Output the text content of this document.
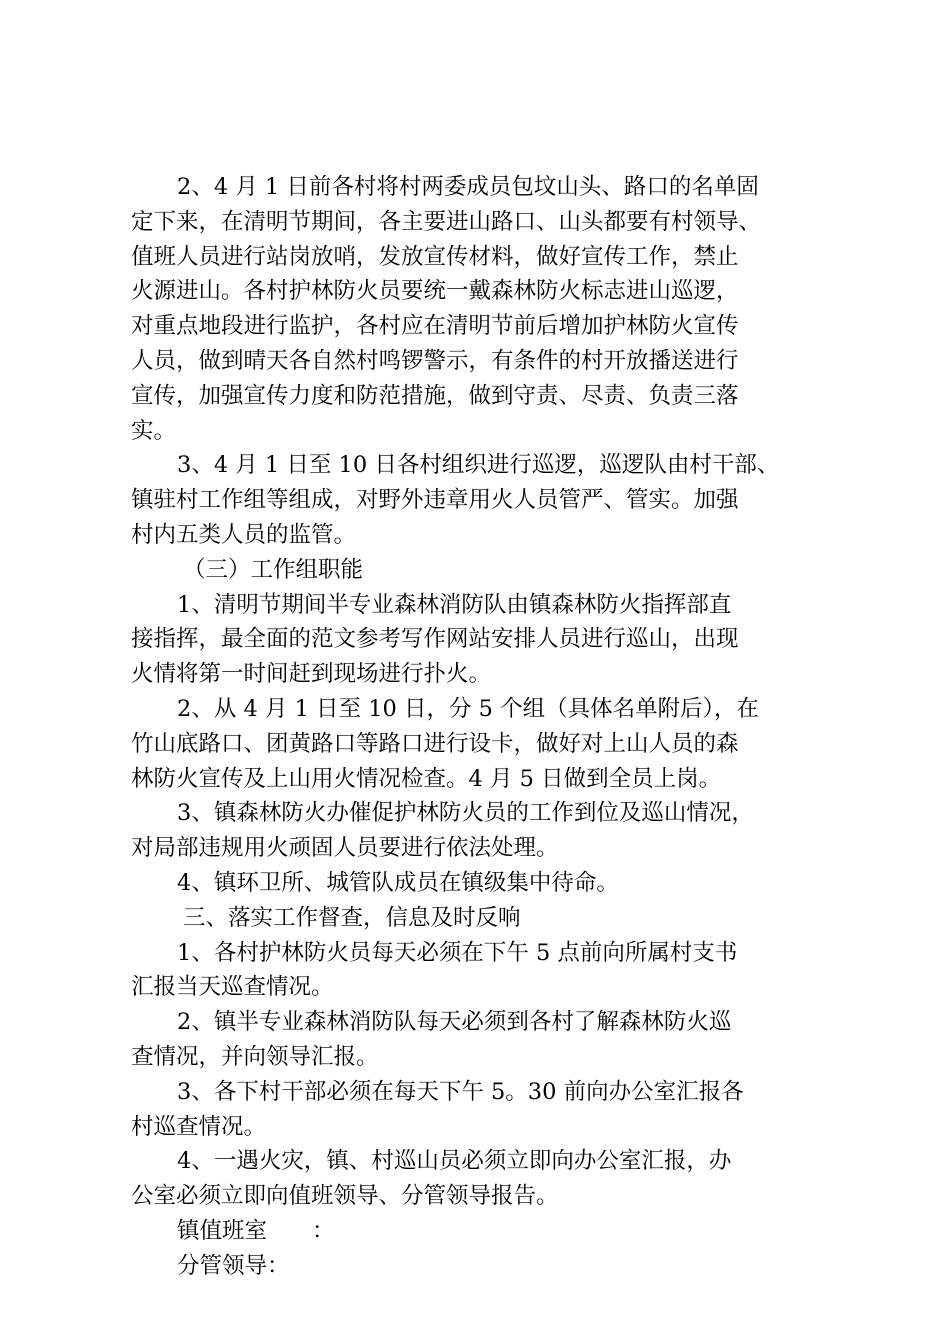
2、4 月 1 日前各村将村两委成员包坟山头、路口的名单固
定下来，在清明节期间，各主要进山路口、山头都要有村领导、
值班人员进行站岗放哨，发放宣传材料，做好宣传工作，禁止
火源进山。各村护林防火员要统一戴森林防火标志进山巡逻，
对重点地段进行监护，各村应在清明节前后增加护林防火宣传
人员，做到晴天各自然村鸣锣警示，有条件的村开放播送进行
宣传，加强宣传力度和防范措施，做到守责、尽责、负责三落
实。
3、4 月 1 日至 10 日各村组织进行巡逻，巡逻队由村干部、
镇驻村工作组等组成，对野外违章用火人员管严、管实。加强
村内五类人员的监管。
（三）工作组职能
1、清明节期间半专业森林消防队由镇森林防火指挥部直
接指挥，最全面的范文参考写作网站安排人员进行巡山，出现
火情将第一时间赶到现场进行扑火。
2、从 4 月 1 日至 10 日，分 5 个组（具体名单附后），在
竹山底路口、团黄路口等路口进行设卡，做好对上山人员的森
林防火宣传及上山用火情况检查。4 月 5 日做到全员上岗。
3、镇森林防火办催促护林防火员的工作到位及巡山情况，
对局部违规用火顽固人员要进行依法处理。
4、镇环卫所、城管队成员在镇级集中待命。
三、落实工作督查，信息及时反响
1、各村护林防火员每天必须在下午 5 点前向所属村支书
汇报当天巡查情况。
2、镇半专业森林消防队每天必须到各村了解森林防火巡
查情况，并向领导汇报。
3、各下村干部必须在每天下午 5。30 前向办公室汇报各
村巡查情况。
4、一遇火灾，镇、村巡山员必须立即向办公室汇报，办
公室必须立即向值班领导、分管领导报告。
镇值班室　　：
分管领导：
